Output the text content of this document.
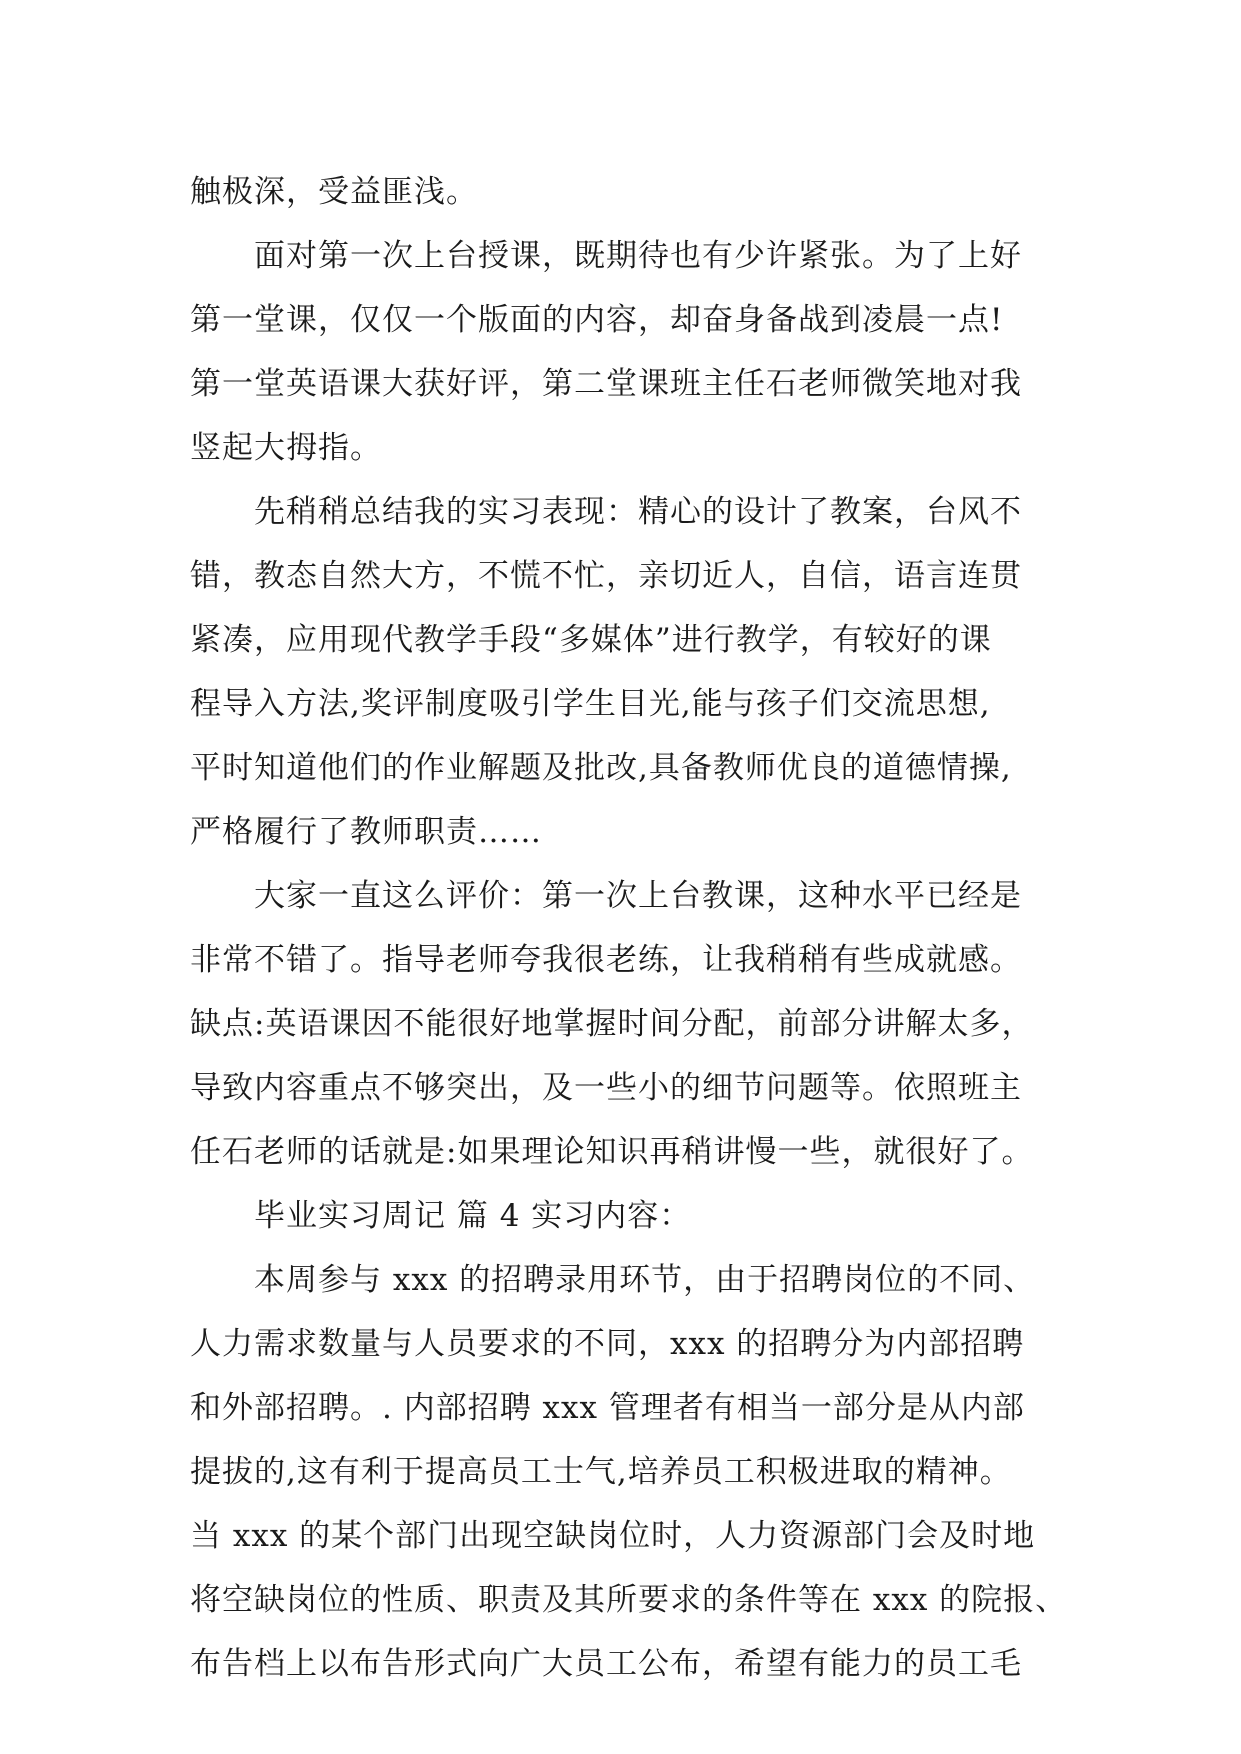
触极深，受益匪浅。
面对第一次上台授课，既期待也有少许紧张。为了上好
第一堂课，仅仅一个版面的内容，却奋身备战到凌晨一点!
第一堂英语课大获好评，第二堂课班主任石老师微笑地对我
竖起大拇指。
先稍稍总结我的实习表现：精心的设计了教案，台风不
错，教态自然大方，不慌不忙，亲切近人，自信，语言连贯
紧凑，应用现代教学手段“多媒体”进行教学，有较好的课
程导入方法,奖评制度吸引学生目光,能与孩子们交流思想,
平时知道他们的作业解题及批改,具备教师优良的道德情操,
严格履行了教师职责……
大家一直这么评价：第一次上台教课，这种水平已经是
非常不错了。指导老师夸我很老练，让我稍稍有些成就感。
缺点:英语课因不能很好地掌握时间分配，前部分讲解太多，
导致内容重点不够突出，及一些小的细节问题等。依照班主
任石老师的话就是:如果理论知识再稍讲慢一些，就很好了。
毕业实习周记 篇 4 实习内容：
本周参与 xxx 的招聘录用环节，由于招聘岗位的不同、
人力需求数量与人员要求的不同，xxx 的招聘分为内部招聘
和外部招聘。. 内部招聘 xxx 管理者有相当一部分是从内部
提拔的,这有利于提高员工士气,培养员工积极进取的精神。
当 xxx 的某个部门出现空缺岗位时，人力资源部门会及时地
将空缺岗位的性质、职责及其所要求的条件等在 xxx 的院报、
布告档上以布告形式向广大员工公布，希望有能力的员工毛
